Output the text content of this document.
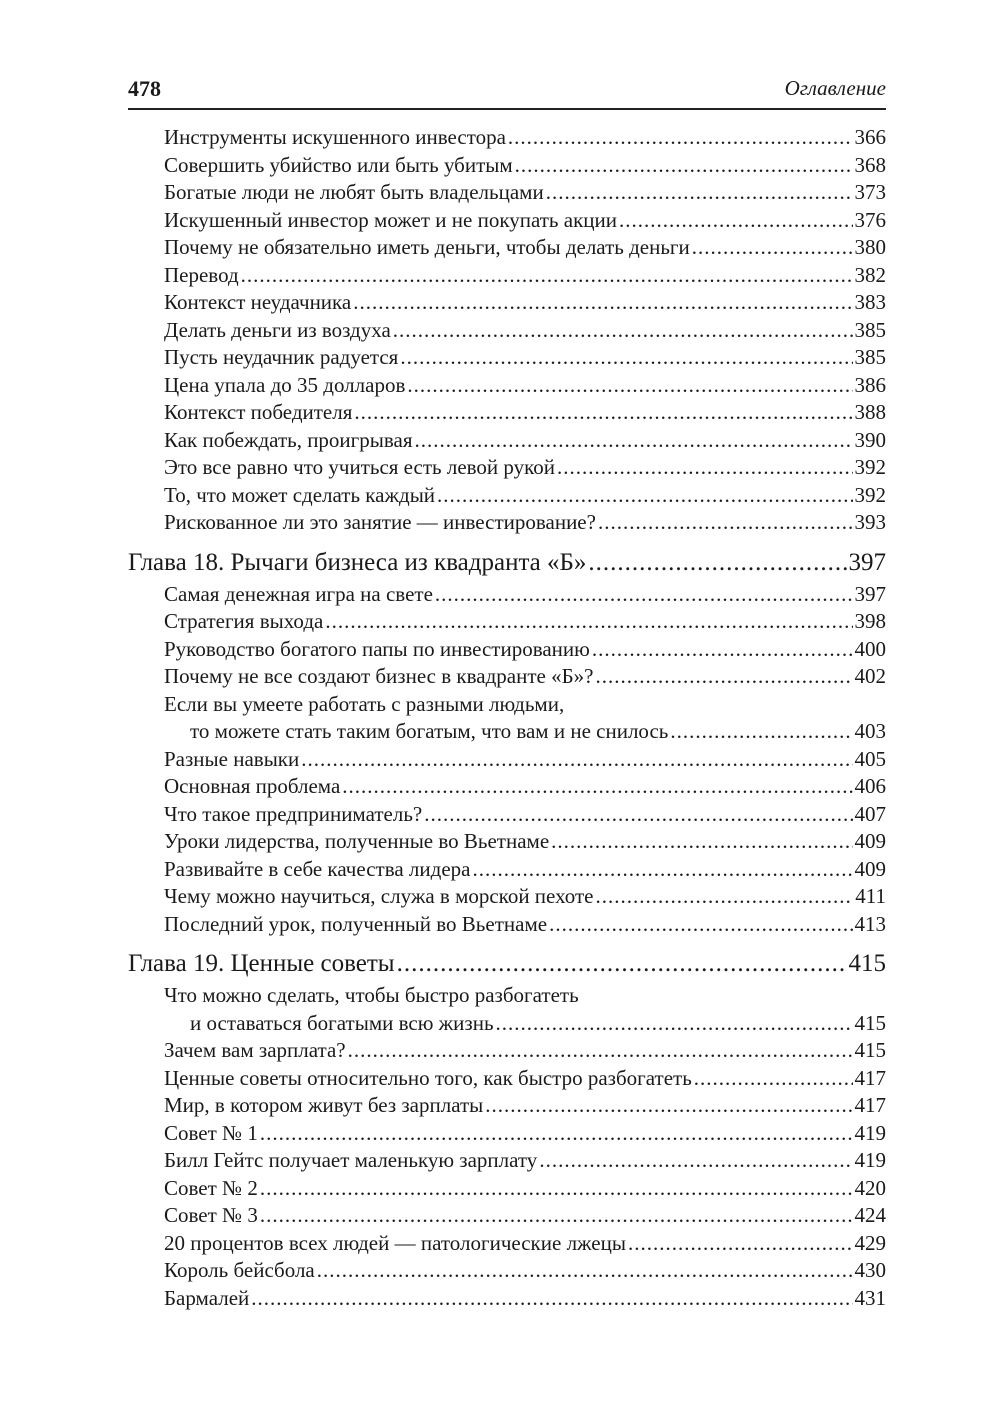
478	Оглавление
Инструменты искушенного инвестора .....	366
Совершить убийство или быть убитым .....	368
Богатые люди не любят быть владельцами .....	373
Искушенный инвестор может и не покупать акции .....	376
Почему не обязательно иметь деньги, чтобы делать деньги .....	380
Перевод .....	382
Контекст неудачника .....	383
Делать деньги из воздуха .....	385
Пусть неудачник радуется .....	385
Цена упала до 35 долларов .....	386
Контекст победителя .....	388
Как побеждать, проигрывая .....	390
Это все равно что учиться есть левой рукой .....	392
То, что может сделать каждый .....	392
Рискованное ли это занятие — инвестирование? .....	393
Глава 18. Рычаги бизнеса из квадранта «Б» .....	397
Самая денежная игра на свете .....	397
Стратегия выхода .....	398
Руководство богатого папы по инвестированию .....	400
Почему не все создают бизнес в квадранте «Б»? .....	402
Если вы умеете работать с разными людьми,
то можете стать таким богатым, что вам и не снилось .....	403
Разные навыки .....	405
Основная проблема .....	406
Что такое предприниматель? .....	407
Уроки лидерства, полученные во Вьетнаме .....	409
Развивайте в себе качества лидера .....	409
Чему можно научиться, служа в морской пехоте .....	411
Последний урок, полученный во Вьетнаме .....	413
Глава 19. Ценные советы .....	415
Что можно сделать, чтобы быстро разбогатеть
и оставаться богатыми всю жизнь .....	415
Зачем вам зарплата? .....	415
Ценные советы относительно того, как быстро разбогатеть .....	417
Мир, в котором живут без зарплаты .....	417
Совет № 1 .....	419
Билл Гейтс получает маленькую зарплату .....	419
Совет № 2 .....	420
Совет № 3 .....	424
20 процентов всех людей — патологические лжецы .....	429
Король бейсбола .....	430
Бармалей .....	431
